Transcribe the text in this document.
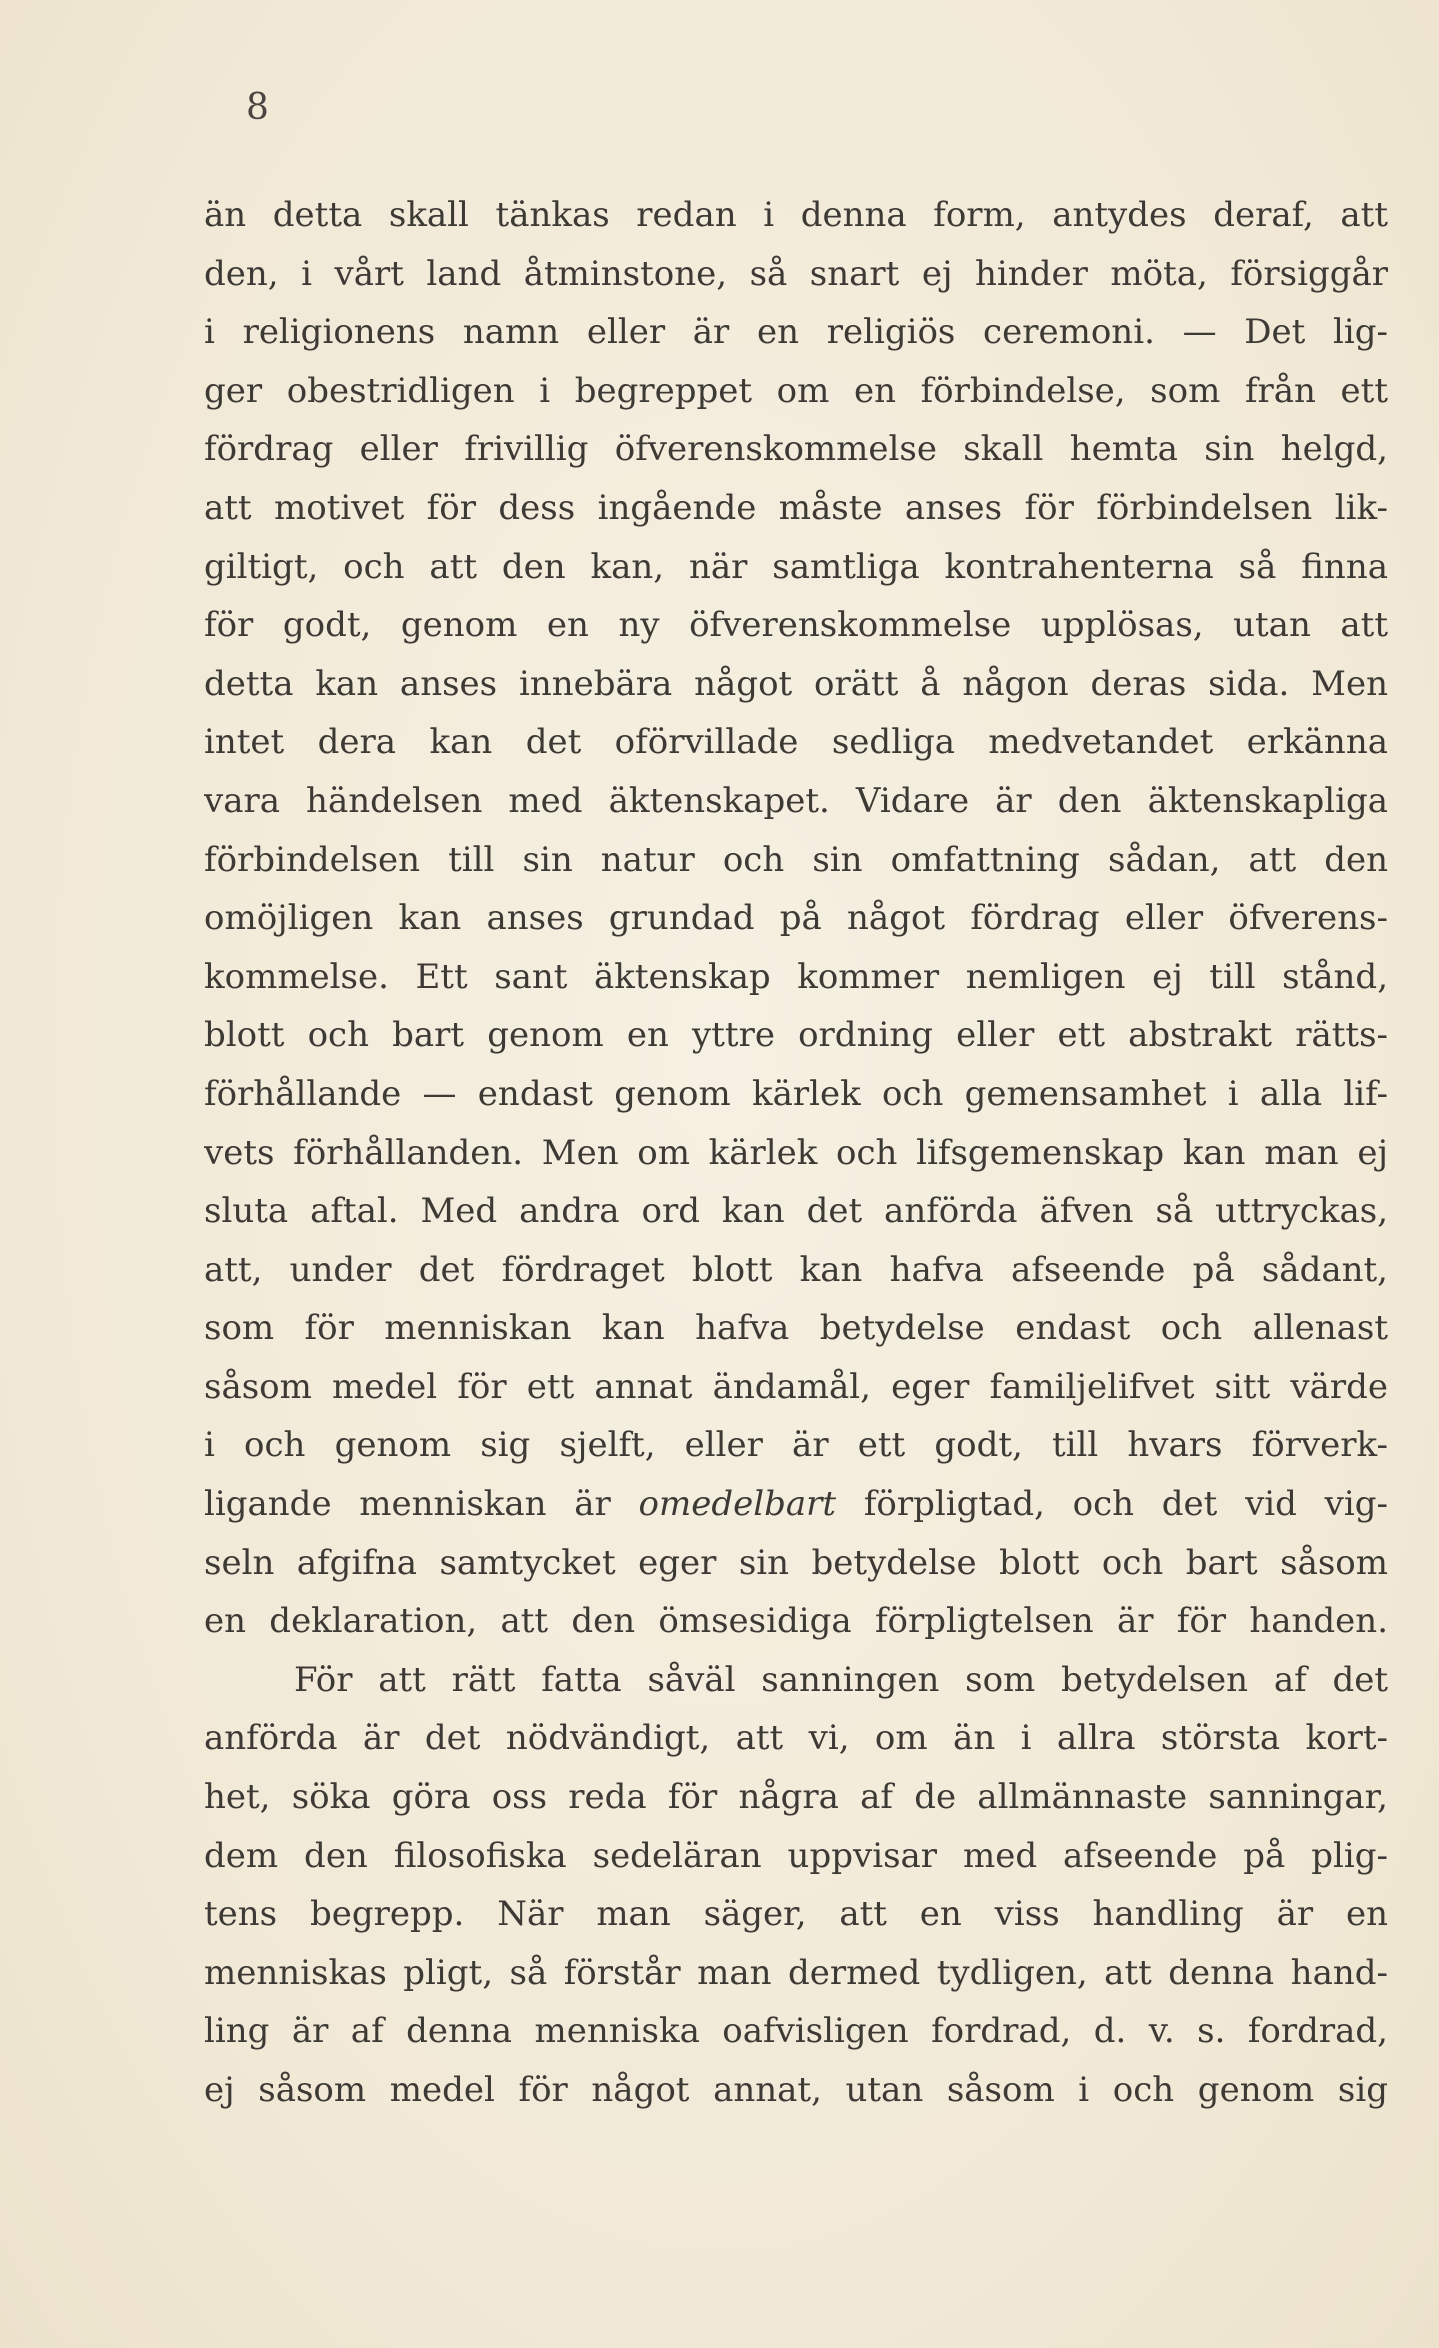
8
än detta skall tänkas redan i denna form, antydes deraf, att
den, i vårt land åtminstone, så snart ej hinder möta, försiggår
i religionens namn eller är en religiös ceremoni. — Det lig-
ger obestridligen i begreppet om en förbindelse, som från ett
fördrag eller frivillig öfverenskommelse skall hemta sin helgd,
att motivet för dess ingående måste anses för förbindelsen lik-
giltigt, och att den kan, när samtliga kontrahenterna så finna
för godt, genom en ny öfverenskommelse upplösas, utan att
detta kan anses innebära något orätt å någon deras sida. Men
intet dera kan det oförvillade sedliga medvetandet erkänna
vara händelsen med äktenskapet. Vidare är den äktenskapliga
förbindelsen till sin natur och sin omfattning sådan, att den
omöjligen kan anses grundad på något fördrag eller öfverens-
kommelse. Ett sant äktenskap kommer nemligen ej till stånd,
blott och bart genom en yttre ordning eller ett abstrakt rätts-
förhållande — endast genom kärlek och gemensamhet i alla lif-
vets förhållanden. Men om kärlek och lifsgemenskap kan man ej
sluta aftal. Med andra ord kan det anförda äfven så uttryckas,
att, under det fördraget blott kan hafva afseende på sådant,
som för menniskan kan hafva betydelse endast och allenast
såsom medel för ett annat ändamål, eger familjelifvet sitt värde
i och genom sig sjelft, eller är ett godt, till hvars förverk-
ligande menniskan är omedelbart förpligtad, och det vid vig-
seln afgifna samtycket eger sin betydelse blott och bart såsom
en deklaration, att den ömsesidiga förpligtelsen är för handen.
För att rätt fatta såväl sanningen som betydelsen af det
anförda är det nödvändigt, att vi, om än i allra största kort-
het, söka göra oss reda för några af de allmännaste sanningar,
dem den filosofiska sedeläran uppvisar med afseende på plig-
tens begrepp. När man säger, att en viss handling är en
menniskas pligt, så förstår man dermed tydligen, att denna hand-
ling är af denna menniska oafvisligen fordrad, d. v. s. fordrad,
ej såsom medel för något annat, utan såsom i och genom sig
